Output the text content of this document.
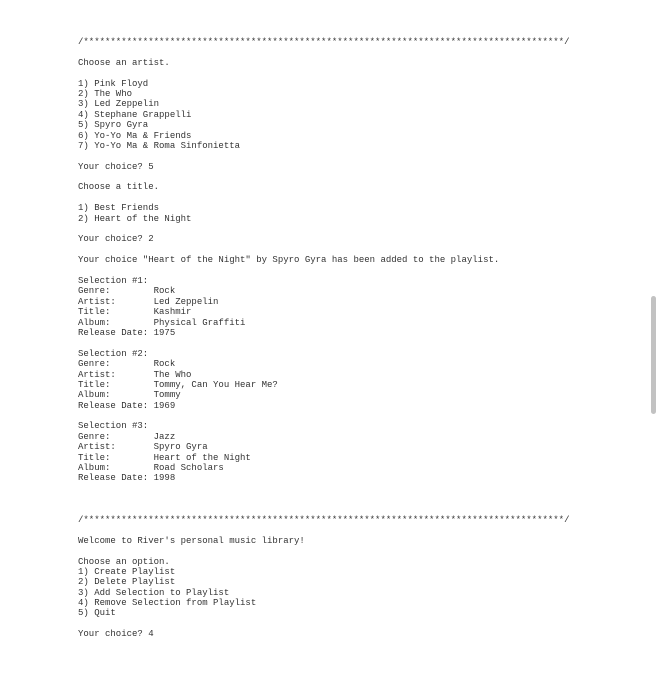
/*****************************************************************************************/
Choose an artist.
1) Pink Floyd
2) The Who
3) Led Zeppelin
4) Stephane Grappelli
5) Spyro Gyra
6) Yo-Yo Ma & Friends
7) Yo-Yo Ma & Roma Sinfonietta
Your choice? 5
Choose a title.
1) Best Friends
2) Heart of the Night
Your choice? 2
Your choice "Heart of the Night" by Spyro Gyra has been added to the playlist.
Selection #1:
Genre:        Rock
Artist:       Led Zeppelin
Title:        Kashmir
Album:        Physical Graffiti
Release Date: 1975
Selection #2:
Genre:        Rock
Artist:       The Who
Title:        Tommy, Can You Hear Me?
Album:        Tommy
Release Date: 1969
Selection #3:
Genre:        Jazz
Artist:       Spyro Gyra
Title:        Heart of the Night
Album:        Road Scholars
Release Date: 1998
/*****************************************************************************************/
Welcome to River's personal music library!
Choose an option.
1) Create Playlist
2) Delete Playlist
3) Add Selection to Playlist
4) Remove Selection from Playlist
5) Quit
Your choice? 4
